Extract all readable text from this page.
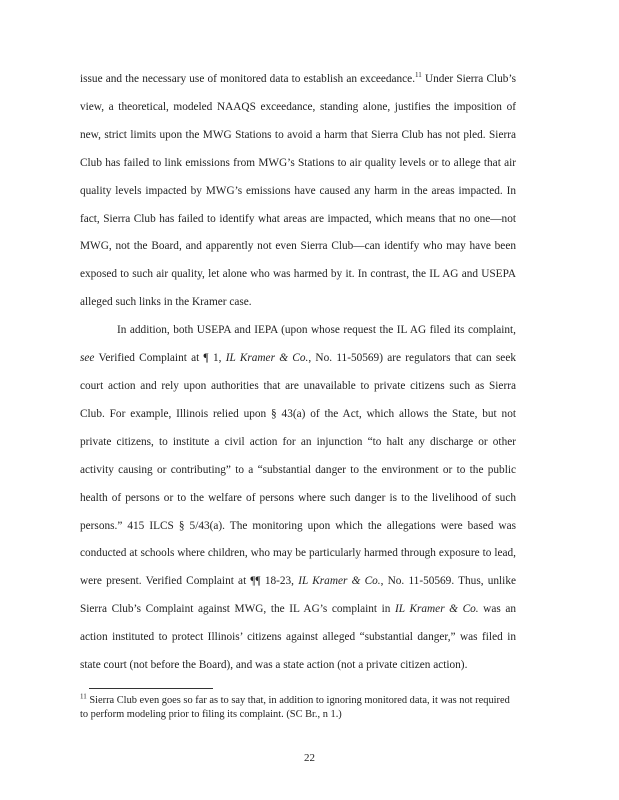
issue and the necessary use of monitored data to establish an exceedance.$^{11}$ Under Sierra Club’s view, a theoretical, modeled NAAQS exceedance, standing alone, justifies the imposition of new, strict limits upon the MWG Stations to avoid a harm that Sierra Club has not pled. Sierra Club has failed to link emissions from MWG’s Stations to air quality levels or to allege that air quality levels impacted by MWG’s emissions have caused any harm in the areas impacted. In fact, Sierra Club has failed to identify what areas are impacted, which means that no one—not MWG, not the Board, and apparently not even Sierra Club—can identify who may have been exposed to such air quality, let alone who was harmed by it. In contrast, the IL AG and USEPA alleged such links in the Kramer case.

In addition, both USEPA and IEPA (upon whose request the IL AG filed its complaint, see Verified Complaint at ¶ 1, IL Kramer & Co., No. 11-50569) are regulators that can seek court action and rely upon authorities that are unavailable to private citizens such as Sierra Club. For example, Illinois relied upon § 43(a) of the Act, which allows the State, but not private citizens, to institute a civil action for an injunction “to halt any discharge or other activity causing or contributing” to a “substantial danger to the environment or to the public health of persons or to the welfare of persons where such danger is to the livelihood of such persons.” 415 ILCS § 5/43(a). The monitoring upon which the allegations were based was conducted at schools where children, who may be particularly harmed through exposure to lead, were present. Verified Complaint at ¶¶ 18-23, IL Kramer & Co., No. 11-50569. Thus, unlike Sierra Club’s Complaint against MWG, the IL AG’s complaint in IL Kramer & Co. was an action instituted to protect Illinois’ citizens against alleged “substantial danger,” was filed in state court (not before the Board), and was a state action (not a private citizen action).

$^{11}$ Sierra Club even goes so far as to say that, in addition to ignoring monitored data, it was not required to perform modeling prior to filing its complaint. (SC Br., n 1.)
22
